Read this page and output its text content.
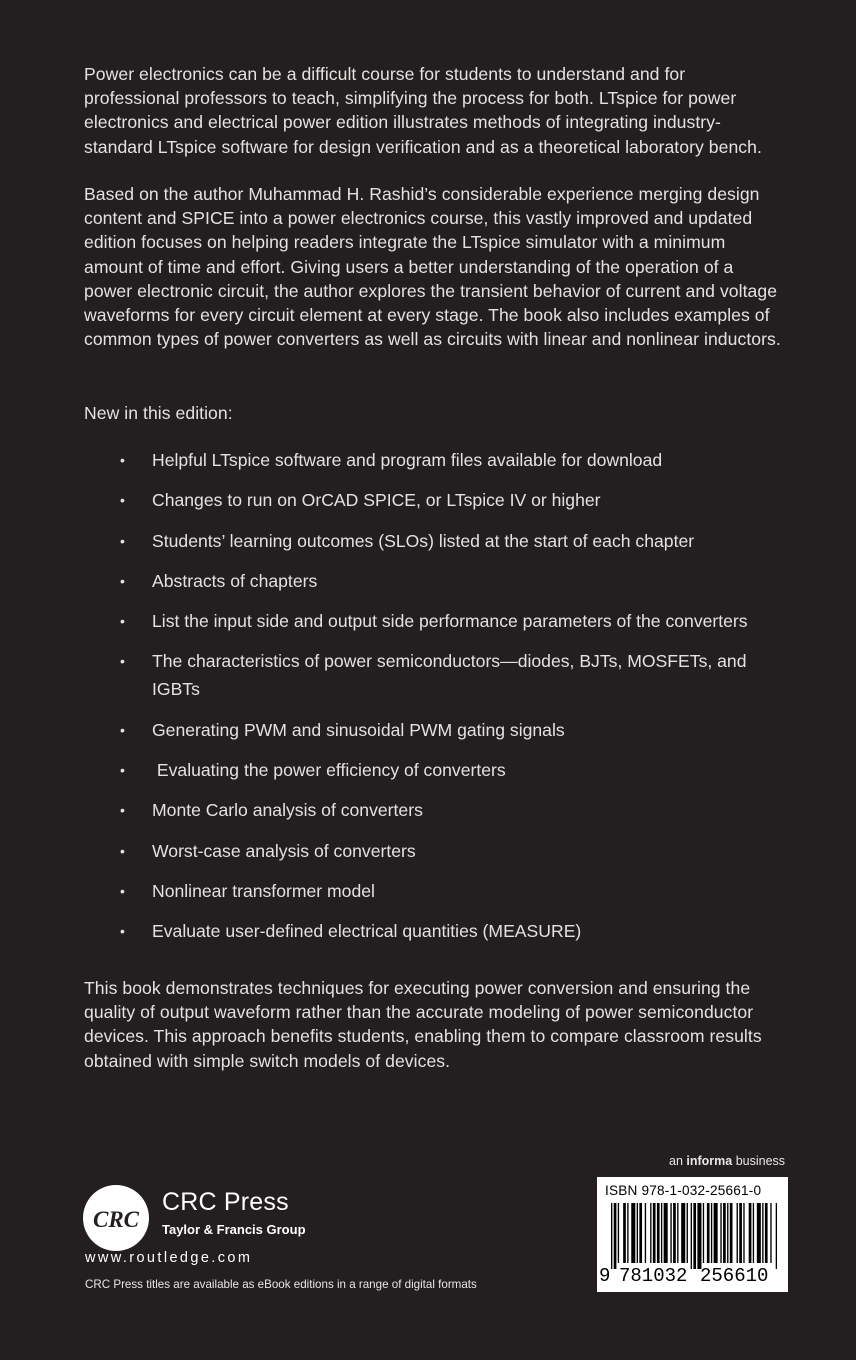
Power electronics can be a difficult course for students to understand and for professional professors to teach, simplifying the process for both. LTspice for power electronics and electrical power edition illustrates methods of integrating industry-standard LTspice software for design verification and as a theoretical laboratory bench.

Based on the author Muhammad H. Rashid’s considerable experience merging design content and SPICE into a power electronics course, this vastly improved and updated edition focuses on helping readers integrate the LTspice simulator with a minimum amount of time and effort. Giving users a better understanding of the operation of a power electronic circuit, the author explores the transient behavior of current and voltage waveforms for every circuit element at every stage. The book also includes examples of common types of power converters as well as circuits with linear and nonlinear inductors.

New in this edition:

• Helpful LTspice software and program files available for download
• Changes to run on OrCAD SPICE, or LTspice IV or higher
• Students’ learning outcomes (SLOs) listed at the start of each chapter
• Abstracts of chapters
• List the input side and output side performance parameters of the converters
• The characteristics of power semiconductors—diodes, BJTs, MOSFETs, and IGBTs
• Generating PWM and sinusoidal PWM gating signals
• Evaluating the power efficiency of converters
• Monte Carlo analysis of converters
• Worst-case analysis of converters
• Nonlinear transformer model
• Evaluate user-defined electrical quantities (MEASURE)

This book demonstrates techniques for executing power conversion and ensuring the quality of output waveform rather than the accurate modeling of power semiconductor devices. This approach benefits students, enabling them to compare classroom results obtained with simple switch models of devices.

CRC
CRC Press
Taylor & Francis Group
www.routledge.com
CRC Press titles are available as eBook editions in a range of digital formats
an informa business
ISBN 978-1-032-25661-0
9 781032 256610
